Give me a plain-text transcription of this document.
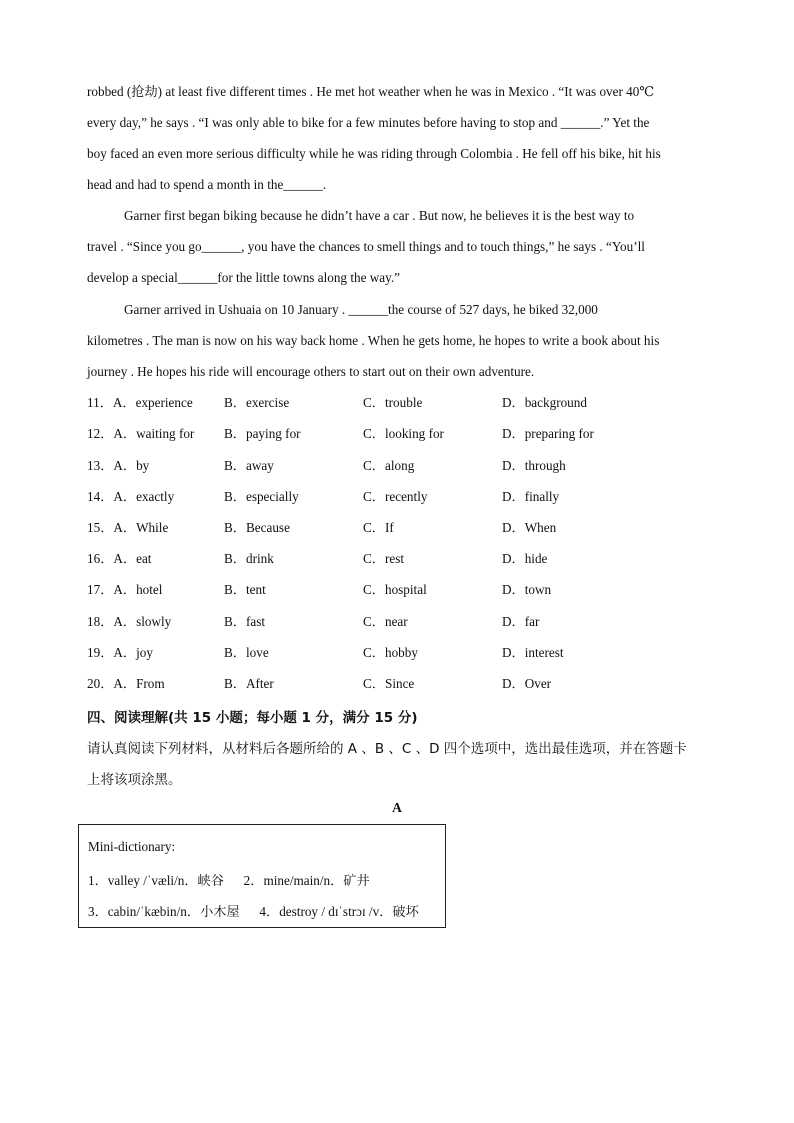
robbed (抢劫) at least five different times . He met hot weather when he was in Mexico . “It was over 40℃
every day,” he says . “I was only able to bike for a few minutes before having to stop and ______.” Yet the
boy faced an even more serious difficulty while he was riding through Colombia . He fell off his bike, hit his
head and had to spend a month in the______.
Garner first began biking because he didn’t have a car . But now, he believes it is the best way to
travel . “Since you go______, you have the chances to smell things and to touch things,” he says . “You’ll
develop a special______for the little towns along the way.”
Garner arrived in Ushuaia on 10 January . ______the course of 527 days, he biked 32,000
kilometres . The man is now on his way back home . When he gets home, he hopes to write a book about his
journey . He hopes his ride will encourage others to start out on their own adventure.
11．A．experience B．exercise	C．trouble	D．background
12．A．waiting for B．paying for	C．looking for	D．preparing for
13．A．by	B．away	C．along	D．through
14．A．exactly	B．especially	C．recently	D．finally
15．A．While	B．Because	C．If	D．When
16．A．eat	B．drink	C．rest	D．hide
17．A．hotel	B．tent	C．hospital	D．town
18．A．slowly	B．fast	C．near	D．far
19．A．joy	B．love	C．hobby	D．interest
20．A．From	B．After	C．Since	D．Over
四、阅读理解(共 15 小题；每小题 1 分，满分 15 分)
请认真阅读下列材料，从材料后各题所给的 A 、B 、C 、D 四个选项中，选出最佳选项，并在答题卡
上将该项涂黑。
A
Mini-dictionary:
1．valley /ˈvæli/n．峡谷      2．mine/main/n．矿井
3．cabin/ˈkæbin/n．小木屋      4．destroy / dɪˈstrɔɪ /v．破坏
